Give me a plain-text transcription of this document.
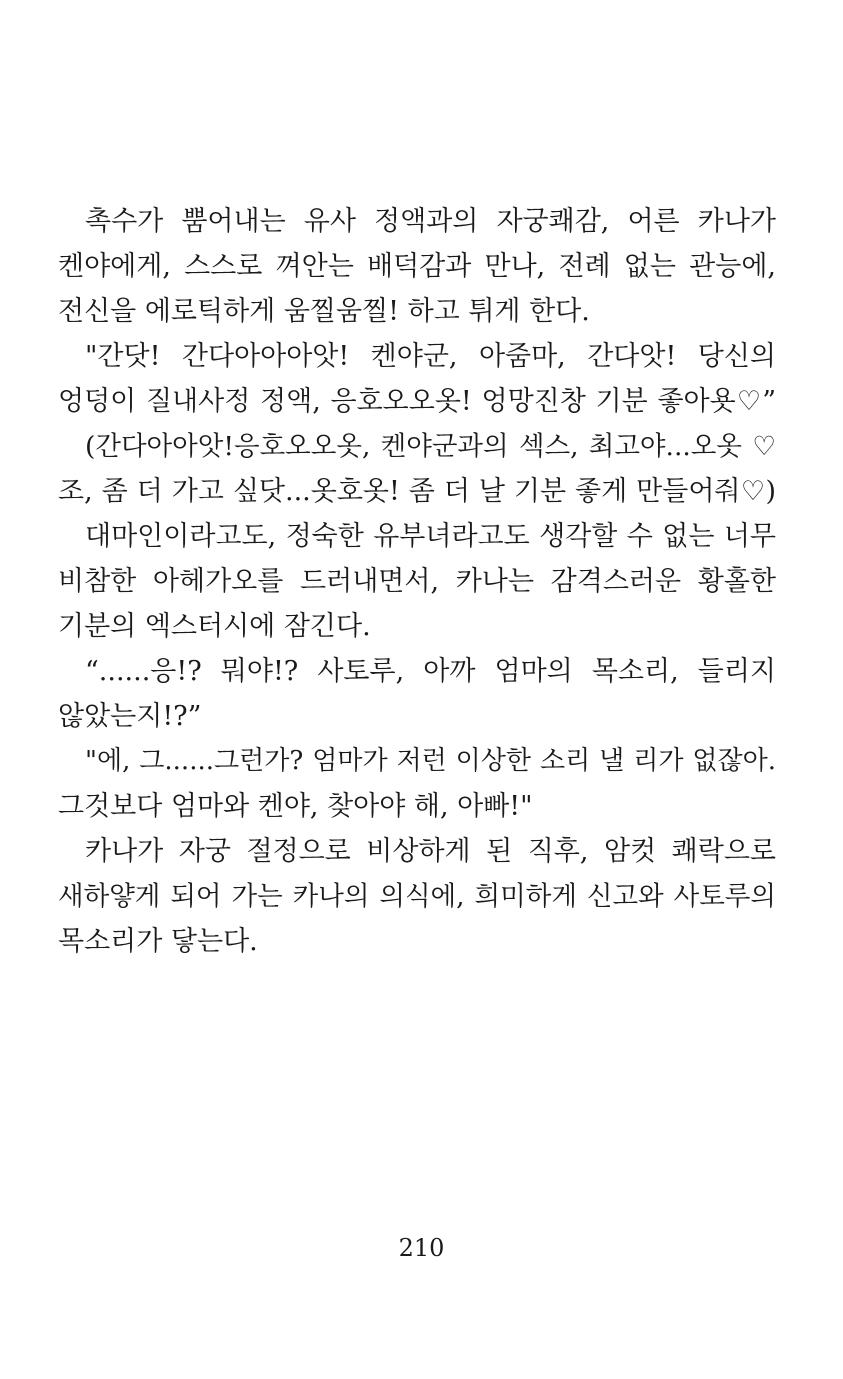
촉수가 뿜어내는 유사 정액과의 자궁쾌감, 어른 카나가
켄야에게, 스스로 껴안는 배덕감과 만나, 전례 없는 관능에,
전신을 에로틱하게 움찔움찔! 하고 튀게 한다.
"간닷! 간다아아아앗! 켄야군, 아줌마, 간다앗! 당신의
엉덩이 질내사정 정액, 응호오오옷! 엉망진창 기분 좋아욧♡”
(간다아아앗!응호오오옷, 켄야군과의 섹스, 최고야...오옷 ♡
조, 좀 더 가고 싶닷...옷호옷! 좀 더 날 기분 좋게 만들어줘♡)
대마인이라고도, 정숙한 유부녀라고도 생각할 수 없는 너무
비참한 아헤가오를 드러내면서, 카나는 감격스러운 황홀한
기분의 엑스터시에 잠긴다.
“......응!? 뭐야!? 사토루, 아까 엄마의 목소리, 들리지
않았는지!?”
"에, 그......그런가? 엄마가 저런 이상한 소리 낼 리가 없잖아.
그것보다 엄마와 켄야, 찾아야 해, 아빠!"
카나가 자궁 절정으로 비상하게 된 직후, 암컷 쾌락으로
새하얗게 되어 가는 카나의 의식에, 희미하게 신고와 사토루의
목소리가 닿는다.
210
